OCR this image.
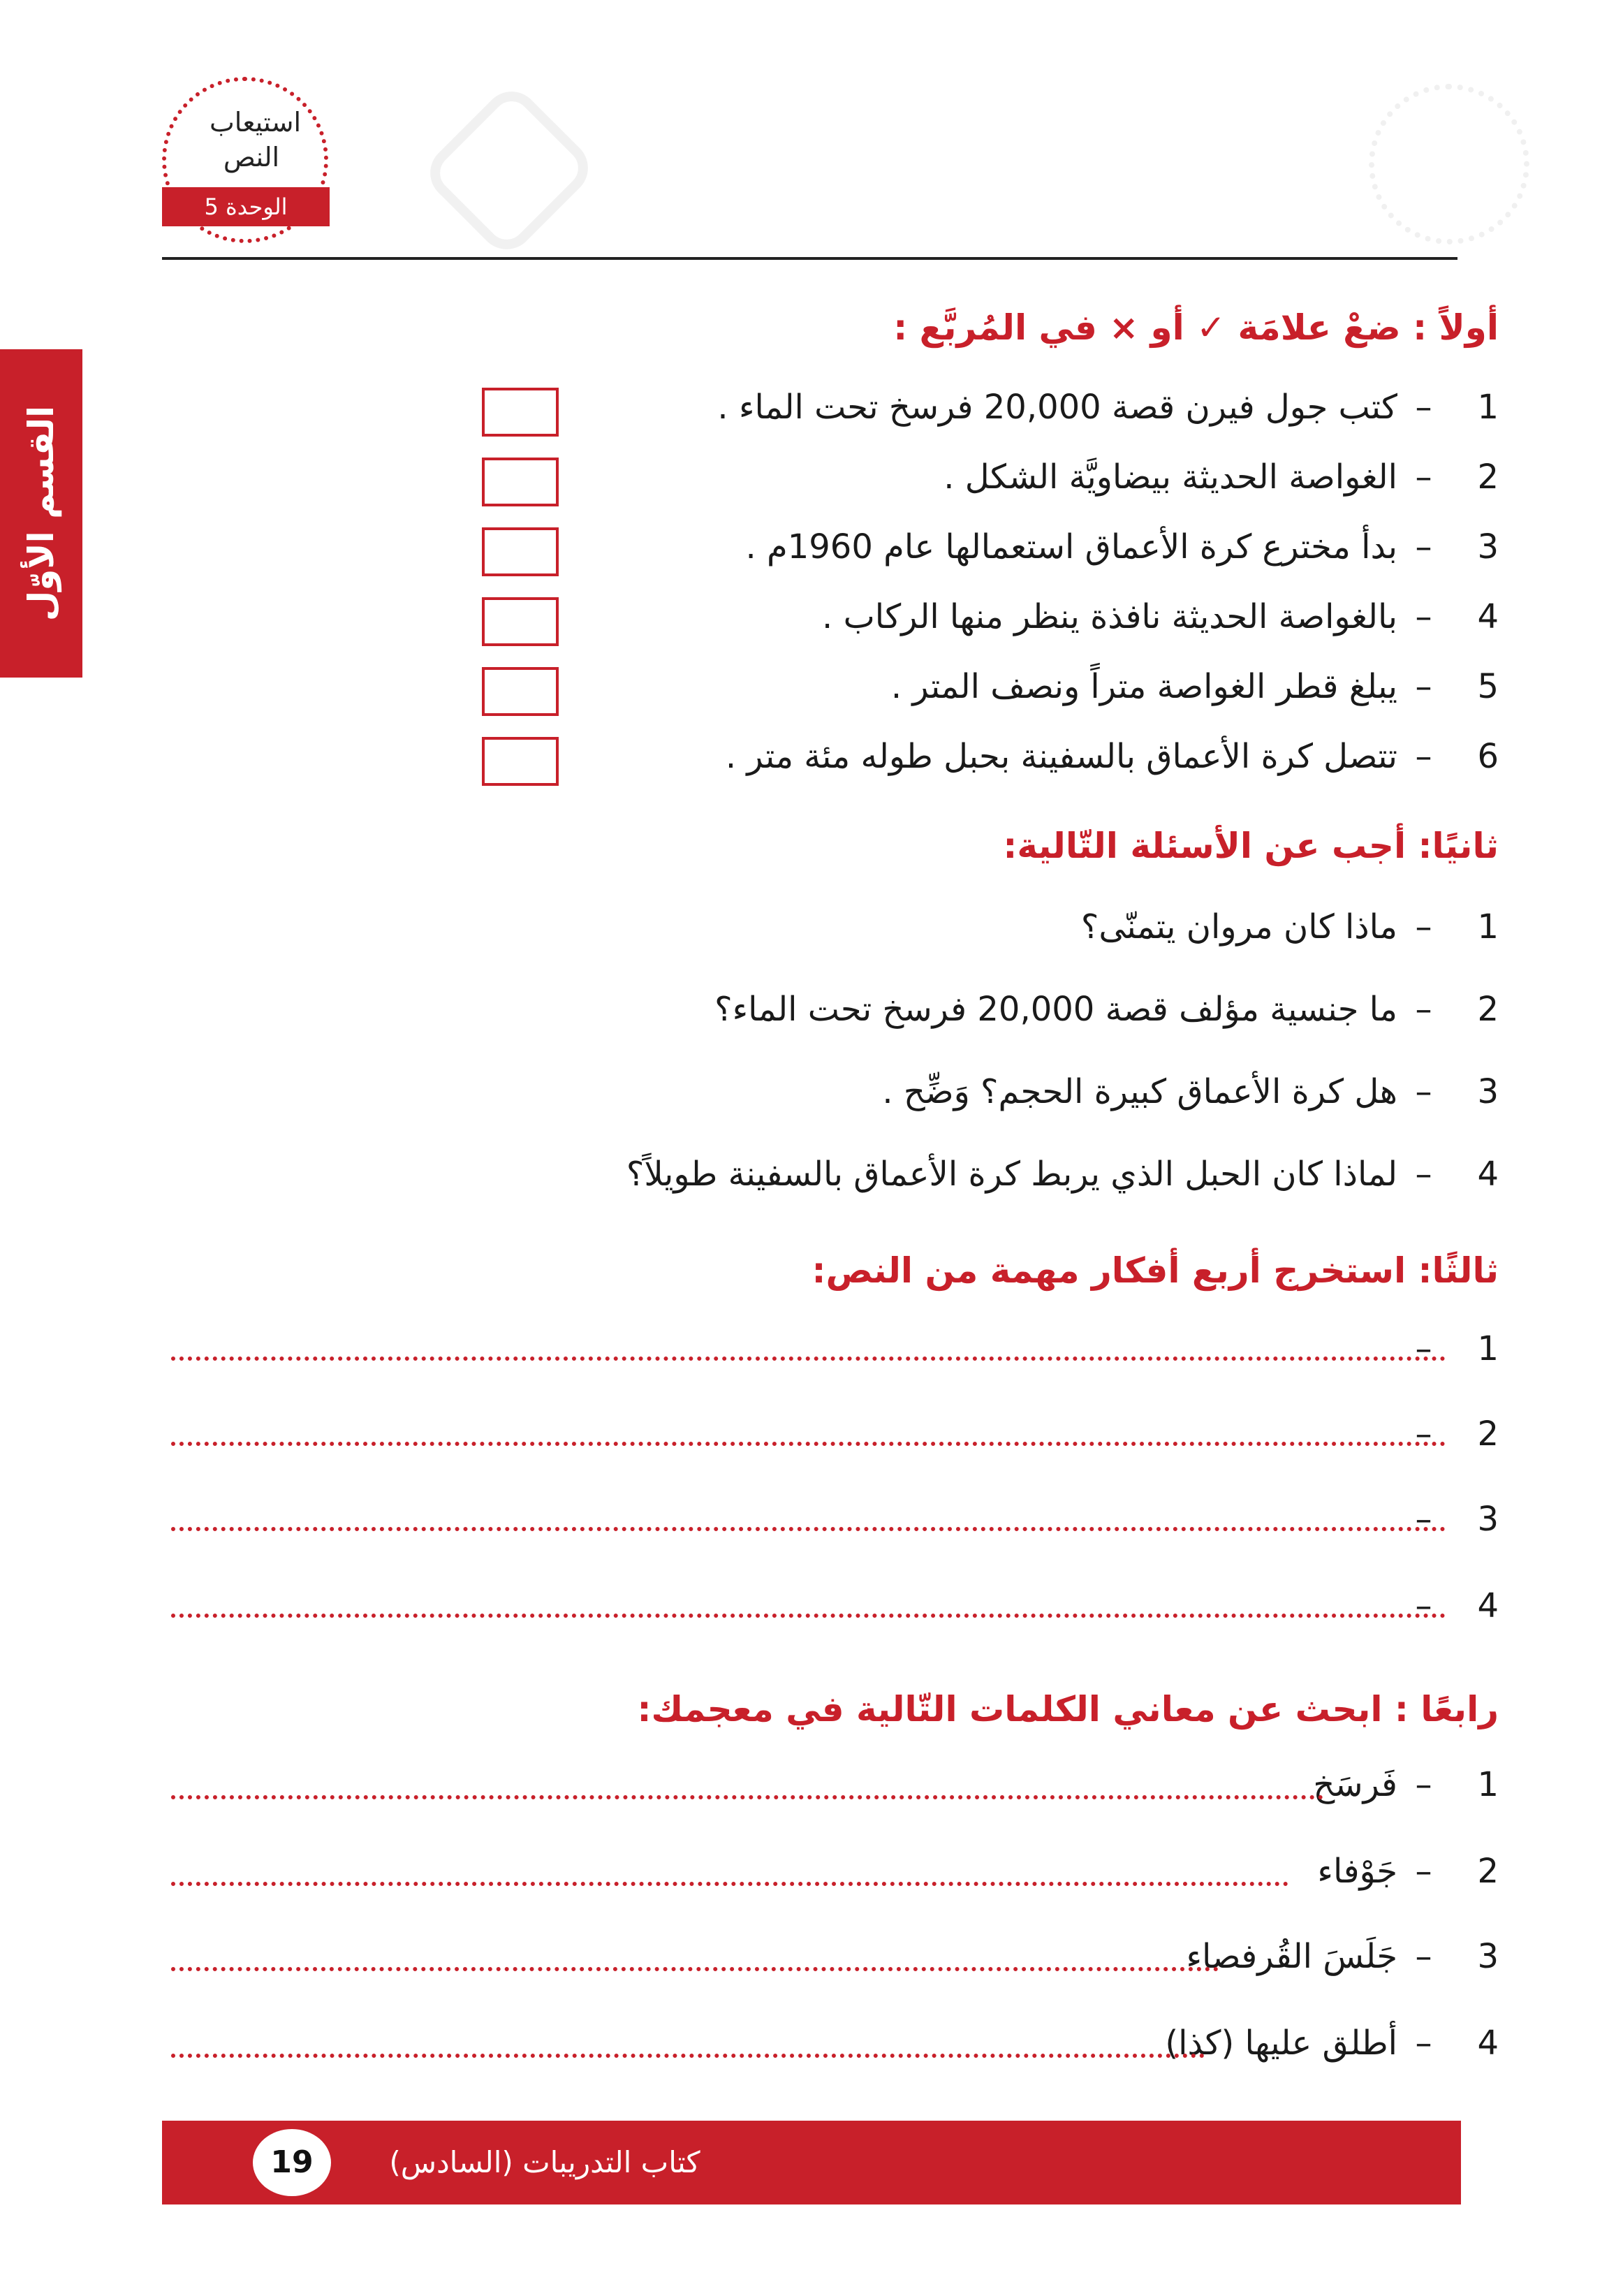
استيعاب
النص
الوحدة 5
القسم الأوّل
أولاً : ضعْ علامَة ✓ أو × في المُربَّع :
1–كتب جول فيرن قصة 20,000 فرسخ تحت الماء .
2–الغواصة الحديثة بيضاويَّة الشكل .
3–بدأ مخترع كرة الأعماق استعمالها عام 1960م .
4–بالغواصة الحديثة نافذة ينظر منها الركاب .
5–يبلغ قطر الغواصة متراً ونصف المتر .
6–تتصل كرة الأعماق بالسفينة بحبل طوله مئة متر .
ثانيًا: أجب عن الأسئلة التّالية:
1–ماذا كان مروان يتمنّى؟
2–ما جنسية مؤلف قصة 20,000 فرسخ تحت الماء؟
3–هل كرة الأعماق كبيرة الحجم؟ وَضِّح .
4–لماذا كان الحبل الذي يربط كرة الأعماق بالسفينة طويلاً؟
ثالثًا: استخرج أربع أفكار مهمة من النص:
1–
2–
3–
4–
رابعًا : ابحث عن معاني الكلمات التّالية في معجمك:
1–فَرسَخ
2–جَوْفاء
3–جَلَسَ القُرفصاء
4–أطلق عليها (كذا)
كتاب التدريبات (السادس)
19
